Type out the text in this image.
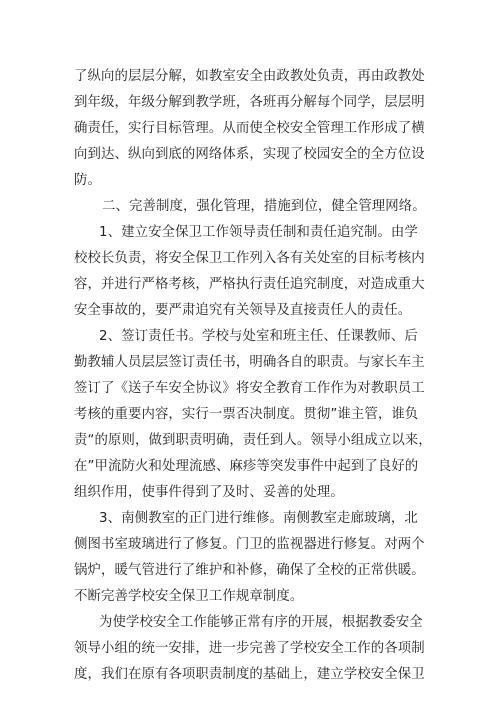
了纵向的层层分解，如教室安全由政教处负责，再由政教处
到年级，年级分解到教学班，各班再分解每个同学，层层明
确责任，实行目标管理。从而使全校安全管理工作形成了横
向到达、纵向到底的网络体系，实现了校园安全的全方位设
防。
二、完善制度，强化管理，措施到位，健全管理网络。
1、建立安全保卫工作领导责任制和责任追究制。由学
校校长负责，将安全保卫工作列入各有关处室的目标考核内
容，并进行严格考核，严格执行责任追究制度，对造成重大
安全事故的，要严肃追究有关领导及直接责任人的责任。
2、签订责任书。学校与处室和班主任、任课教师、后
勤教辅人员层层签订责任书，明确各自的职责。与家长车主
签订了《送子车安全协议》将安全教育工作作为对教职员工
考核的重要内容，实行一票否决制度。贯彻”谁主管，谁负
责“的原则，做到职责明确，责任到人。领导小组成立以来，
在”甲流防火和处理流感、麻疹等突发事件中起到了良好的
组织作用，使事件得到了及时、妥善的处理。
3、南侧教室的正门进行维修。南侧教室走廊玻璃，北
侧图书室玻璃进行了修复。门卫的监视器进行修复。对两个
锅炉，暖气管进行了维护和补修，确保了全校的正常供暖。
不断完善学校安全保卫工作规章制度。
为使学校安全工作能够正常有序的开展，根据教委安全
领导小组的统一安排，进一步完善了学校安全工作的各项制
度，我们在原有各项职责制度的基础上，建立学校安全保卫
